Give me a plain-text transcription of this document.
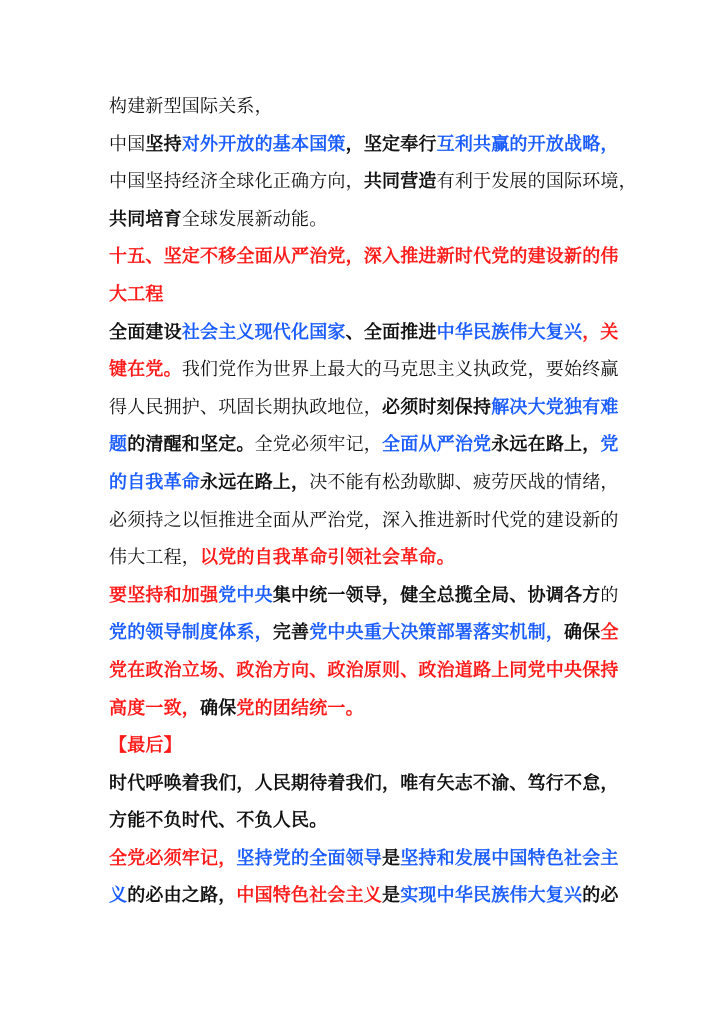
构建新型国际关系，
中国坚持对外开放的基本国策，坚定奉行互利共赢的开放战略，
中国坚持经济全球化正确方向，共同营造有利于发展的国际环境，
共同培育全球发展新动能。
十五、坚定不移全面从严治党，深入推进新时代党的建设新的伟
大工程
全面建设社会主义现代化国家、全面推进中华民族伟大复兴，关
键在党。我们党作为世界上最大的马克思主义执政党，要始终赢
得人民拥护、巩固长期执政地位，必须时刻保持解决大党独有难
题的清醒和坚定。全党必须牢记，全面从严治党永远在路上，党
的自我革命永远在路上，决不能有松劲歇脚、疲劳厌战的情绪，
必须持之以恒推进全面从严治党，深入推进新时代党的建设新的
伟大工程，以党的自我革命引领社会革命。
要坚持和加强党中央集中统一领导，健全总揽全局、协调各方的
党的领导制度体系，完善党中央重大决策部署落实机制，确保全
党在政治立场、政治方向、政治原则、政治道路上同党中央保持
高度一致，确保党的团结统一。
【最后】
时代呼唤着我们，人民期待着我们，唯有矢志不渝、笃行不怠，
方能不负时代、不负人民。
全党必须牢记，坚持党的全面领导是坚持和发展中国特色社会主
义的必由之路，中国特色社会主义是实现中华民族伟大复兴的必
